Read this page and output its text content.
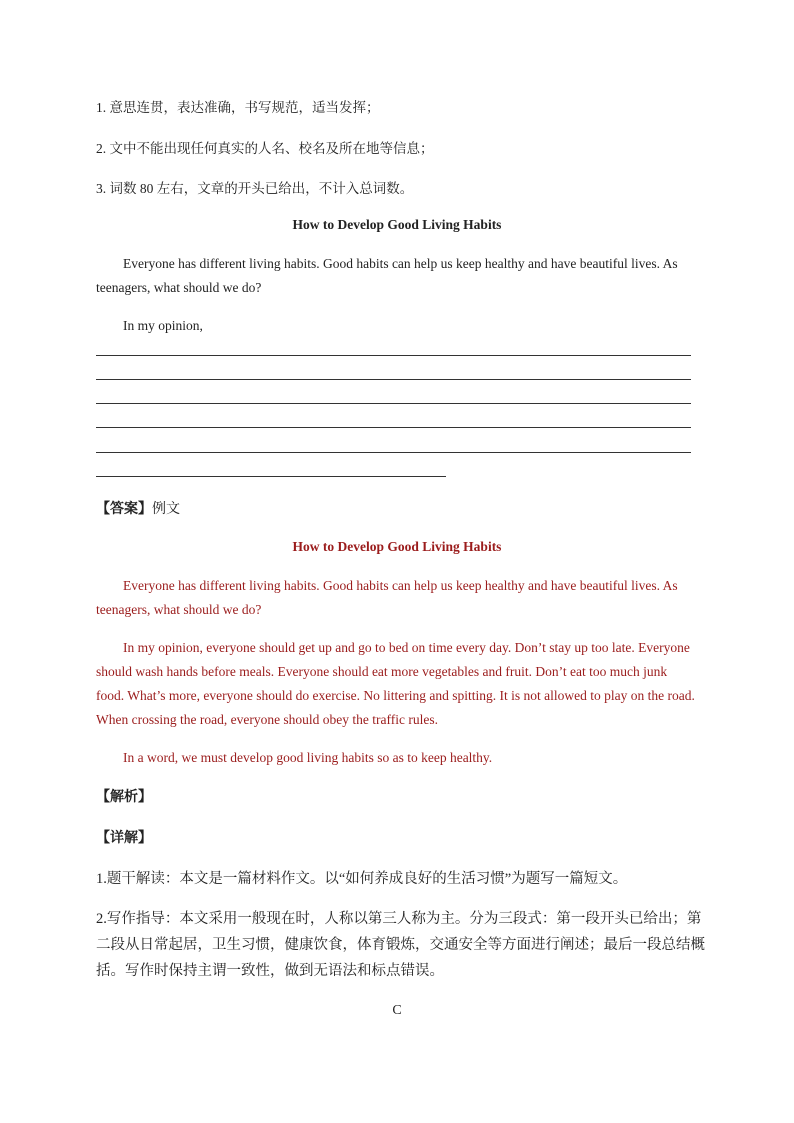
1. 意思连贯，表达准确，书写规范，适当发挥；
2. 文中不能出现任何真实的人名、校名及所在地等信息；
3. 词数 80 左右，文章的开头已给出，不计入总词数。
How to Develop Good Living Habits
Everyone has different living habits. Good habits can help us keep healthy and have beautiful lives. As teenagers, what should we do?
In my opinion,
【答案】例文
How to Develop Good Living Habits
Everyone has different living habits. Good habits can help us keep healthy and have beautiful lives. As teenagers, what should we do?
In my opinion, everyone should get up and go to bed on time every day. Don’t stay up too late. Everyone should wash hands before meals. Everyone should eat more vegetables and fruit. Don’t eat too much junk food. What’s more, everyone should do exercise. No littering and spitting. It is not allowed to play on the road. When crossing the road, everyone should obey the traffic rules.
In a word, we must develop good living habits so as to keep healthy.
【解析】
【详解】
1.题干解读：本文是一篇材料作文。以“如何养成良好的生活习惯”为题写一篇短文。
2.写作指导：本文采用一般现在时，人称以第三人称为主。分为三段式：第一段开头已给出；第二段从日常起居，卫生习惯，健康饮食，体育锻炼，交通安全等方面进行阐述；最后一段总结概括。写作时保持主谓一致性，做到无语法和标点错误。
C
